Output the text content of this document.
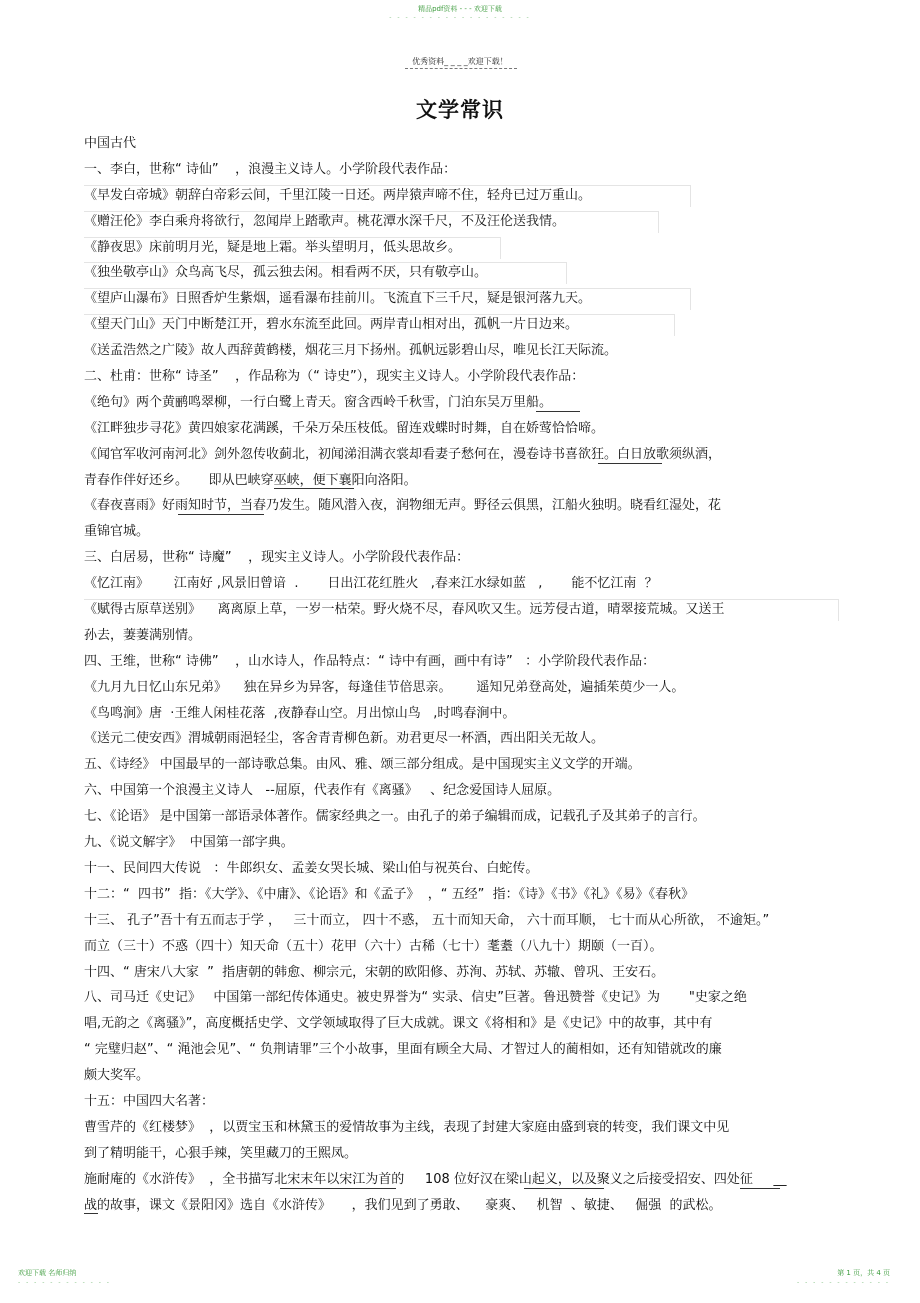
精品pdf资料 - - - 欢迎下载
- - - - - - - - - - - - - - - - - -
优秀资料_ _ _ _欢迎下载！
文学常识
中国古代
一、李白，世称“ 诗仙”    ，浪漫主义诗人。小学阶段代表作品：
《早发白帝城》朝辞白帝彩云间，千里江陵一日还。两岸猿声啼不住，轻舟已过万重山。
《赠汪伦》李白乘舟将欲行，忽闻岸上踏歌声。桃花潭水深千尺，不及汪伦送我情。
《静夜思》床前明月光，疑是地上霜。举头望明月，低头思故乡。
《独坐敬亭山》众鸟高飞尽，孤云独去闲。相看两不厌，只有敬亭山。
《望庐山瀑布》日照香炉生紫烟，遥看瀑布挂前川。飞流直下三千尺，疑是银河落九天。
《望天门山》天门中断楚江开，碧水东流至此回。两岸青山相对出，孤帆一片日边来。
《送孟浩然之广陵》故人西辞黄鹤楼，烟花三月下扬州。孤帆远影碧山尽，唯见长江天际流。
二、杜甫：世称“ 诗圣”    ，作品称为（“ 诗史”），现实主义诗人。小学阶段代表作品：
《绝句》两个黄鹂鸣翠柳，一行白鹭上青天。窗含西岭千秋雪，门泊东吴万里船。
《江畔独步寻花》黄四娘家花满蹊，千朵万朵压枝低。留连戏蝶时时舞，自在娇莺恰恰啼。
《闻官军收河南河北》剑外忽传收蓟北，初闻涕泪满衣裳却看妻子愁何在，漫卷诗书喜欲狂。白日放歌须纵酒，
青春作伴好还乡。     即从巴峡穿巫峡，便下襄阳向洛阳。
《春夜喜雨》好雨知时节，当春乃发生。随风潜入夜，润物细无声。野径云俱黑，江船火独明。晓看红湿处，花
重锦官城。
三、白居易，世称“ 诗魔”    ，现实主义诗人。小学阶段代表作品：
《忆江南》      江南好 ,风景旧曾谙  .       日出江花红胜火   ,春来江水绿如蓝   ,       能不忆江南  ？
《赋得古原草送别》    离离原上草，一岁一枯荣。野火烧不尽，春风吹又生。远芳侵古道，晴翠接荒城。又送王
孙去，萋萋满别情。
四、王维，世称“ 诗佛”    ，山水诗人，作品特点：“ 诗中有画，画中有诗”   ：小学阶段代表作品：
《九月九日忆山东兄弟》    独在异乡为异客，每逢佳节倍思亲。      遥知兄弟登高处，遍插茱萸少一人。
《鸟鸣涧》唐  ·王维人闲桂花落  ,夜静春山空。月出惊山鸟   ,时鸣春涧中。
《送元二使安西》渭城朝雨浥轻尘，客舍青青柳色新。劝君更尽一杯酒，西出阳关无故人。
五、《诗经》 中国最早的一部诗歌总集。由风、雅、颂三部分组成。是中国现实主义文学的开端。
六、中国第一个浪漫主义诗人   --屈原，代表作有《离骚》   、纪念爱国诗人屈原。
七、《论语》 是中国第一部语录体著作。儒家经典之一。由孔子的弟子编辑而成，记载孔子及其弟子的言行。
九、《说文解字》  中国第一部字典。
十一、民间四大传说   ：牛郎织女、孟姜女哭长城、梁山伯与祝英台、白蛇传。
十二：“  四书”  指：《大学》、《中庸》、《论语》和《孟子》  ，“ 五经”  指：《诗》《书》《礼》《易》《春秋》
十三、 孔子”吾十有五而志于学 ，   三十而立， 四十不惑， 五十而知天命， 六十而耳顺， 七十而从心所欲， 不逾矩。”
而立（三十）不惑（四十）知天命（五十）花甲（六十）古稀（七十）耄耋（八九十）期颐（一百）。
十四、“ 唐宋八大家  ”  指唐朝的韩愈、柳宗元，宋朝的欧阳修、苏洵、苏轼、苏辙、曾巩、王安石。
八、司马迁《史记》   中国第一部纪传体通史。被史界誉为“ 实录、信史”巨著。鲁迅赞誉《史记》为       "史家之绝
唱,无韵之《离骚》”，高度概括史学、文学领域取得了巨大成就。课文《将相和》是《史记》中的故事，其中有
“ 完璧归赵”、“ 渑池会见”、“ 负荆请罪”三个小故事，里面有顾全大局、才智过人的蔺相如，还有知错就改的廉
颇大奖军。
十五：中国四大名著：
曹雪芹的《红楼梦》  ，以贾宝玉和林黛玉的爱情故事为主线，表现了封建大家庭由盛到衰的转变，我们课文中见
到了精明能干，心狠手辣，笑里藏刀的王熙凤。
施耐庵的《水浒传》  ，全书描写北宋末年以宋江为首的     108 位好汉在梁山起义，以及聚义之后接受招安、四处征     __
战的故事，课文《景阳冈》选自《水浒传》     ，我们见到了勇敢、    豪爽、   机智  、敏捷、   倔强  的武松。
欢迎下载 名师归纳	第 1 页，共 4 页
- - - - - - - - - - - -	- - - - - - - - - - - -
